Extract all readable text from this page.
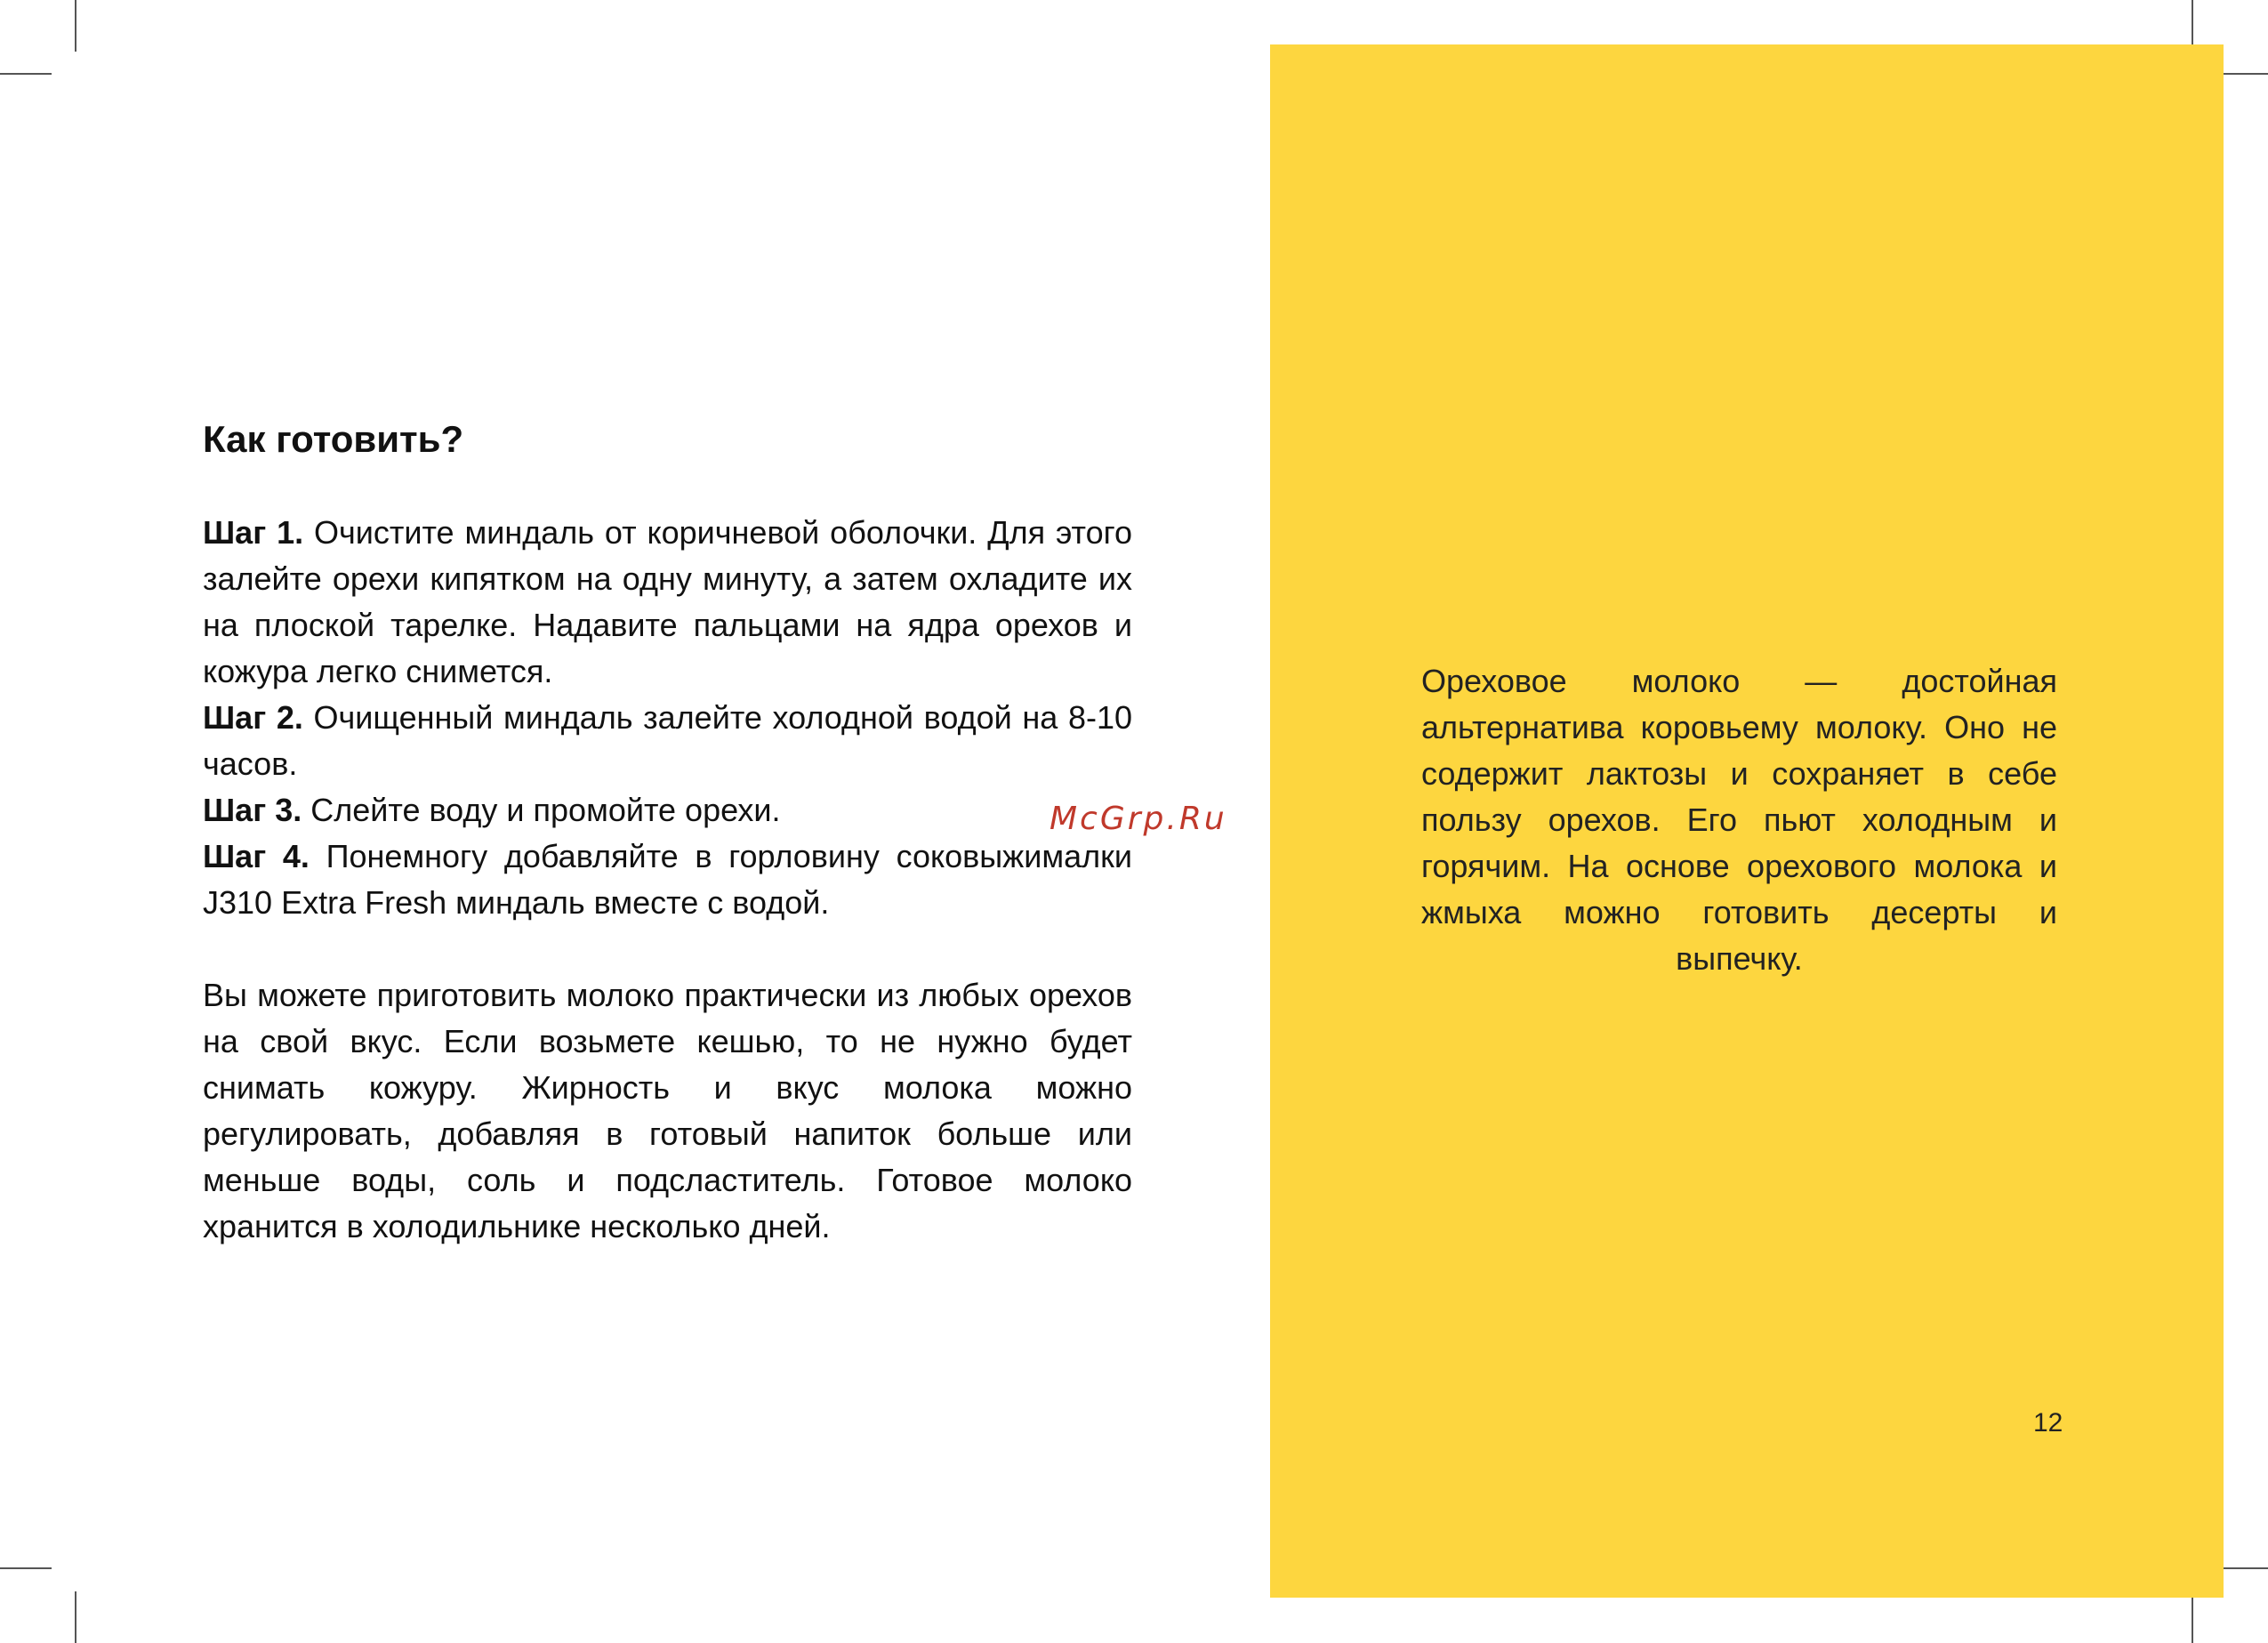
Как готовить?

Шаг 1. Очистите миндаль от коричневой оболочки. Для этого залейте орехи кипятком на одну минуту, а затем охладите их на плоской тарелке. Надавите пальцами на ядра орехов и кожура легко снимется.

Шаг 2. Очищенный миндаль залейте холодной водой на 8-10 часов.

Шаг 3. Слейте воду и промойте орехи.

Шаг 4. Понемногу добавляйте в горловину соковыжималки J310 Extra Fresh миндаль вместе с водой.

Вы можете приготовить молоко практически из любых орехов на свой вкус. Если возьмете кешью, то не нужно будет снимать кожуру. Жирность и вкус молока можно регулировать, добавляя в готовый напиток больше или меньше воды, соль и подсластитель. Готовое молоко хранится в холодильнике несколько дней.

McGrp.Ru

Ореховое молоко — достойная альтернатива коровьему молоку. Оно не содержит лактозы и сохраняет в себе пользу орехов. Его пьют холодным и горячим. На основе орехового молока и жмыха можно готовить десерты и выпечку.

12
